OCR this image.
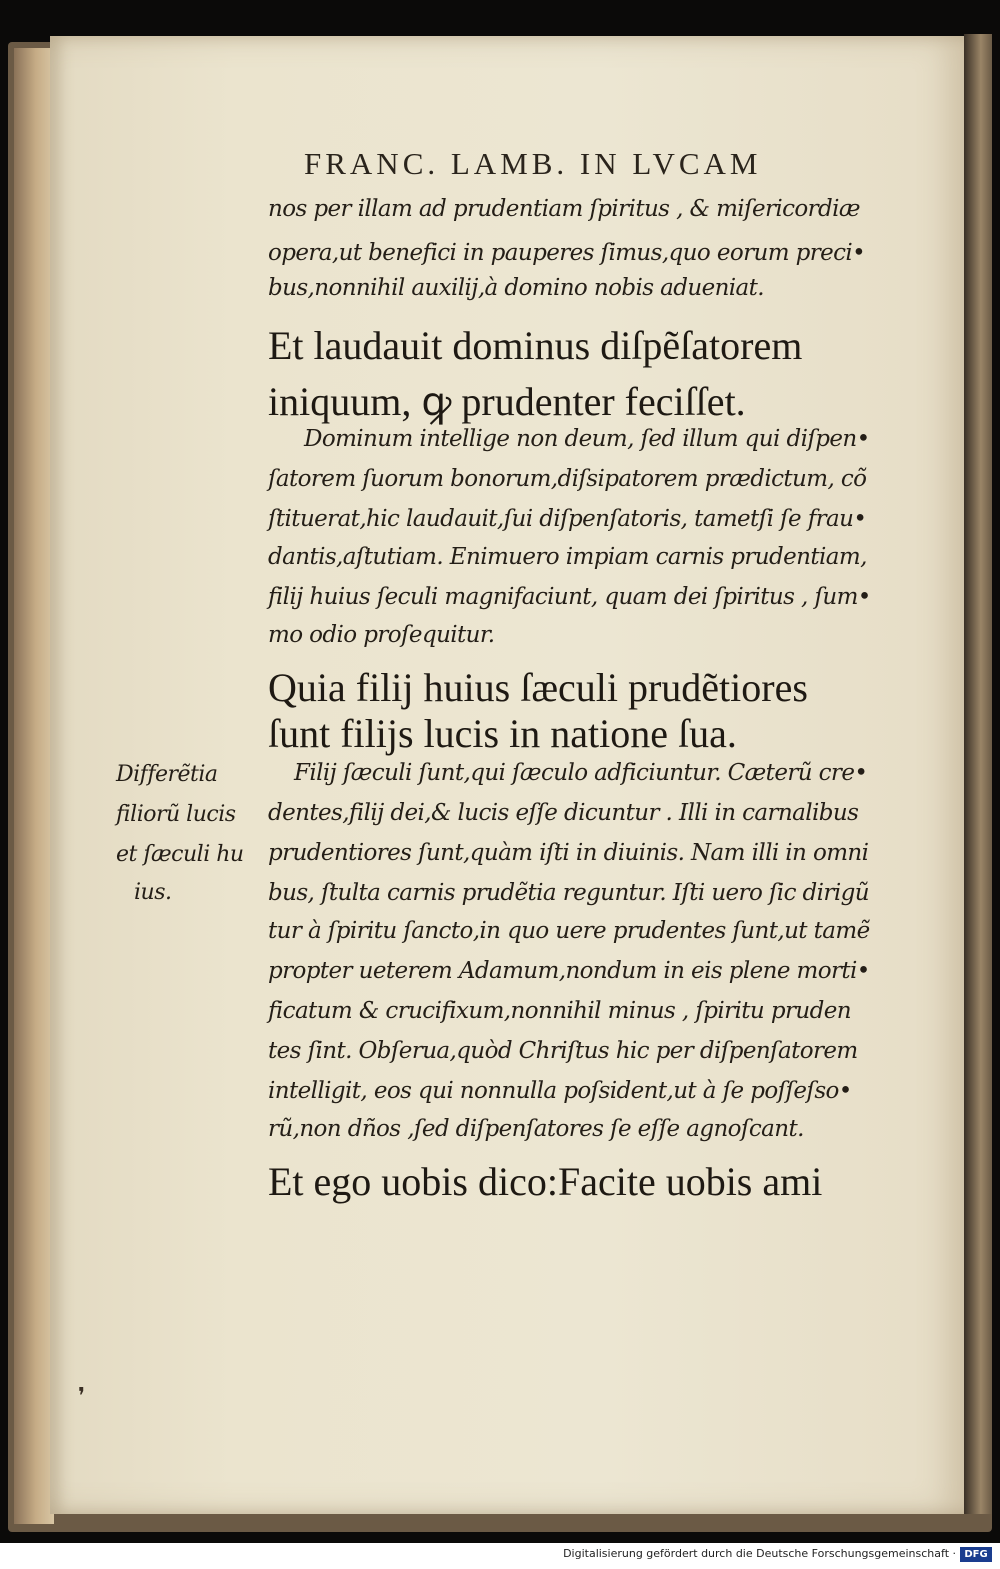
FRANC. LAMB. IN LVCAM
nos per illam ad prudentiam ſpiritus , & miſericordiæ
opera,ut benefici in pauperes ſimus,quo eorum preci•
bus,nonnihil auxilij,à domino nobis adueniat.
Et laudauit dominus diſpẽſatorem
iniquum, ꝙ prudenter feciſſet.
Dominum intellige non deum, ſed illum qui diſpen•
ſatorem ſuorum bonorum,diſsipatorem prædictum, cõ
ſtituerat,hic laudauit,ſui diſpenſatoris, tametſi ſe frau•
dantis,aſtutiam. Enimuero impiam carnis prudentiam,
filij huius ſeculi magnifaciunt, quam dei ſpiritus , ſum•
mo odio proſequitur.
Quia filij huius ſæculi prudẽtiores
ſunt filijs lucis in natione ſua.
Filij ſæculi ſunt,qui ſæculo adficiuntur. Cæterũ cre•
dentes,filij dei,& lucis eſſe dicuntur . Illi in carnalibus
prudentiores ſunt,quàm iſti in diuinis. Nam illi in omni
bus, ſtulta carnis prudẽtia reguntur. Iſti uero ſic dirigũ
tur à ſpiritu ſancto,in quo uere prudentes ſunt,ut tamẽ
propter ueterem Adamum,nondum in eis plene morti•
ficatum & crucifixum,nonnihil minus , ſpiritu pruden
tes ſint. Obſerua,quòd Chriſtus hic per diſpenſatorem
intelligit, eos qui nonnulla poſsident,ut à ſe poſſeſso•
rũ,non dños ,ſed diſpenſatores ſe eſſe agnoſcant.
Et ego uobis dico:Facite uobis ami
Differẽtia
filiorũ lucis
et ſæculi hu
ius.
❜
Digitalisierung gefördert durch die Deutsche Forschungsgemeinschaft · DFG
